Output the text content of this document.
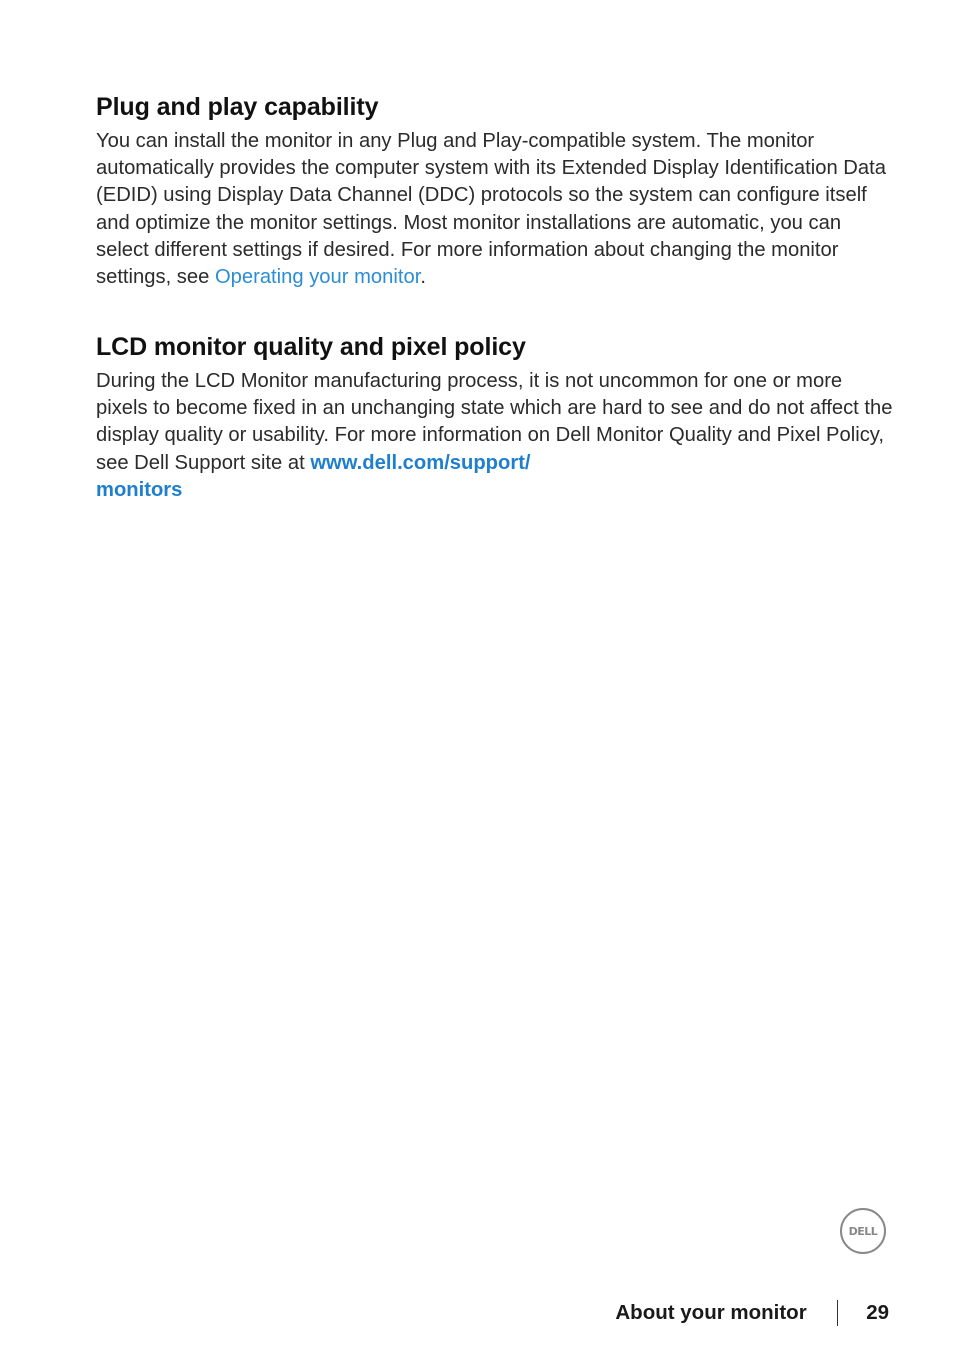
Plug and play capability

You can install the monitor in any Plug and Play-compatible system. The monitor automatically provides the computer system with its Extended Display Identification Data (EDID) using Display Data Channel (DDC) protocols so the system can configure itself and optimize the monitor settings. Most monitor installations are automatic, you can select different settings if desired. For more information about changing the monitor settings, see Operating your monitor.

LCD monitor quality and pixel policy

During the LCD Monitor manufacturing process, it is not uncommon for one or more pixels to become fixed in an unchanging state which are hard to see and do not affect the display quality or usability. For more information on Dell Monitor Quality and Pixel Policy, see Dell Support site at www.dell.com/support/
monitors

DELL
About your monitor	29
